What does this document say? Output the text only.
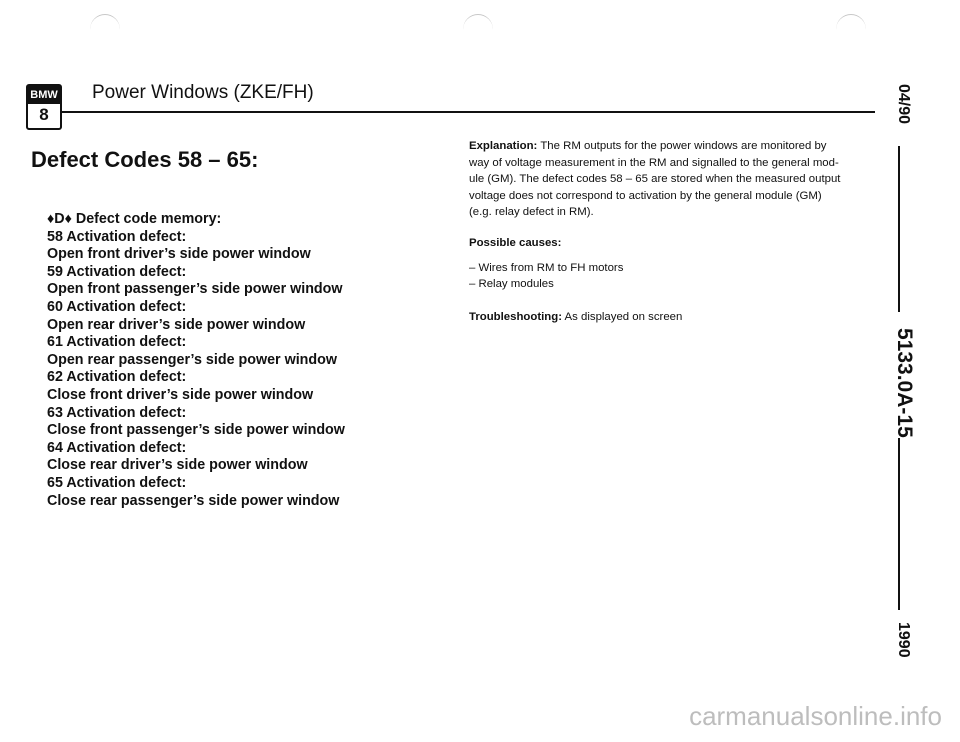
BMW
8
Power Windows (ZKE/FH)
Defect Codes 58 – 65:
♦D♦ Defect code memory:
58 Activation defect:
Open front driver’s side power window
59 Activation defect:
Open front passenger’s side power window
60 Activation defect:
Open rear driver’s side power window
61 Activation defect:
Open rear passenger’s side power window
62 Activation defect:
Close front driver’s side power window
63 Activation defect:
Close front passenger’s side power window
64 Activation defect:
Close rear driver’s side power window
65 Activation defect:
Close rear passenger’s side power window
Explanation: The RM outputs for the power windows are monitored by
way of voltage measurement in the RM and signalled to the general mod-
ule (GM). The defect codes 58 – 65 are stored when the measured output
voltage does not correspond to activation by the general module (GM)
(e.g. relay defect in RM).
Possible causes:
– Wires from RM to FH motors
– Relay modules
Troubleshooting: As displayed on screen
04/90
5133.0A-15
1990
carmanualsonline.info
